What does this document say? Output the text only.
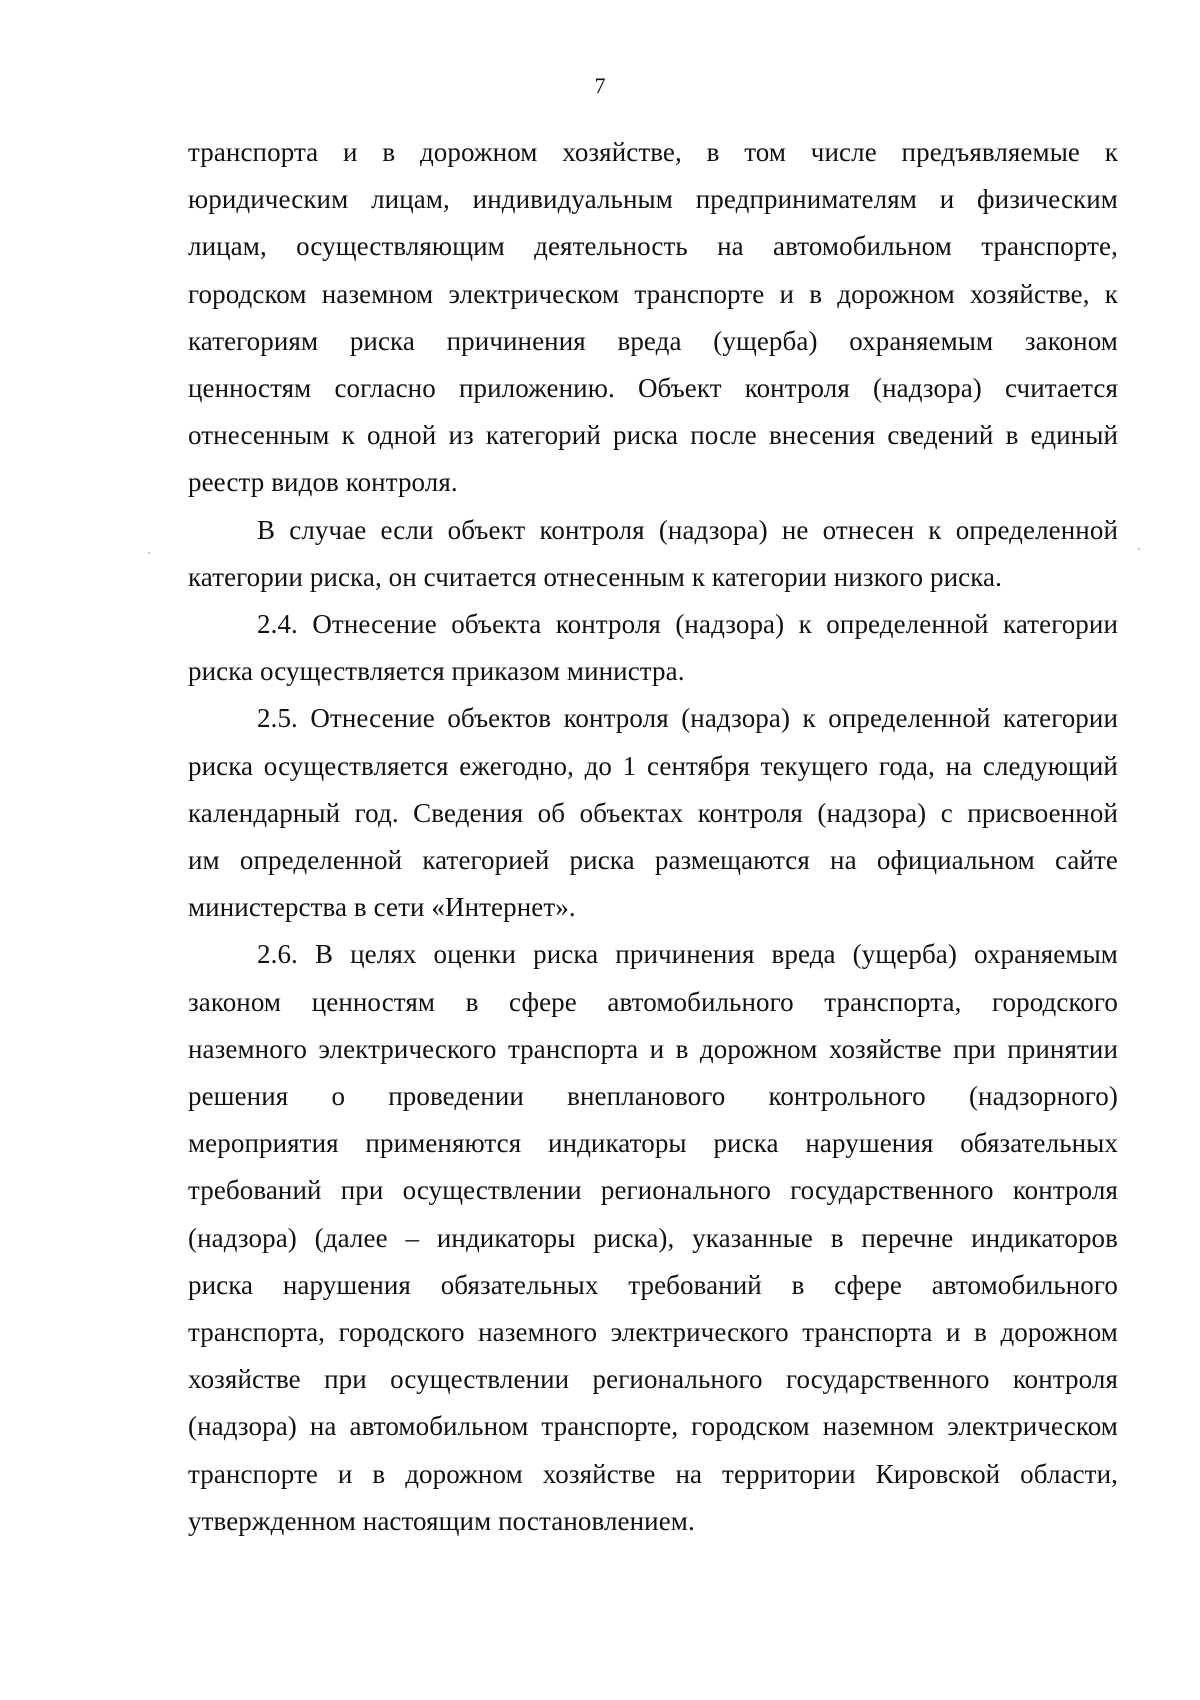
7

транспорта и в дорожном хозяйстве, в том числе предъявляемые к
юридическим лицам, индивидуальным предпринимателям и физическим
лицам, осуществляющим деятельность на автомобильном транспорте,
городском наземном электрическом транспорте и в дорожном хозяйстве, к
категориям риска причинения вреда (ущерба) охраняемым законом
ценностям согласно приложению. Объект контроля (надзора) считается
отнесенным к одной из категорий риска после внесения сведений в единый
реестр видов контроля.

В случае если объект контроля (надзора) не отнесен к определенной
категории риска, он считается отнесенным к категории низкого риска.

2.4. Отнесение объекта контроля (надзора) к определенной категории
риска осуществляется приказом министра.

2.5. Отнесение объектов контроля (надзора) к определенной категории
риска осуществляется ежегодно, до 1 сентября текущего года, на следующий
календарный год. Сведения об объектах контроля (надзора) с присвоенной
им определенной категорией риска размещаются на официальном сайте
министерства в сети «Интернет».

2.6. В целях оценки риска причинения вреда (ущерба) охраняемым
законом ценностям в сфере автомобильного транспорта, городского
наземного электрического транспорта и в дорожном хозяйстве при принятии
решения о проведении внепланового контрольного (надзорного)
мероприятия применяются индикаторы риска нарушения обязательных
требований при осуществлении регионального государственного контроля
(надзора) (далее – индикаторы риска), указанные в перечне индикаторов
риска нарушения обязательных требований в сфере автомобильного
транспорта, городского наземного электрического транспорта и в дорожном
хозяйстве при осуществлении регионального государственного контроля
(надзора) на автомобильном транспорте, городском наземном электрическом
транспорте и в дорожном хозяйстве на территории Кировской области,
утвержденном настоящим постановлением.
